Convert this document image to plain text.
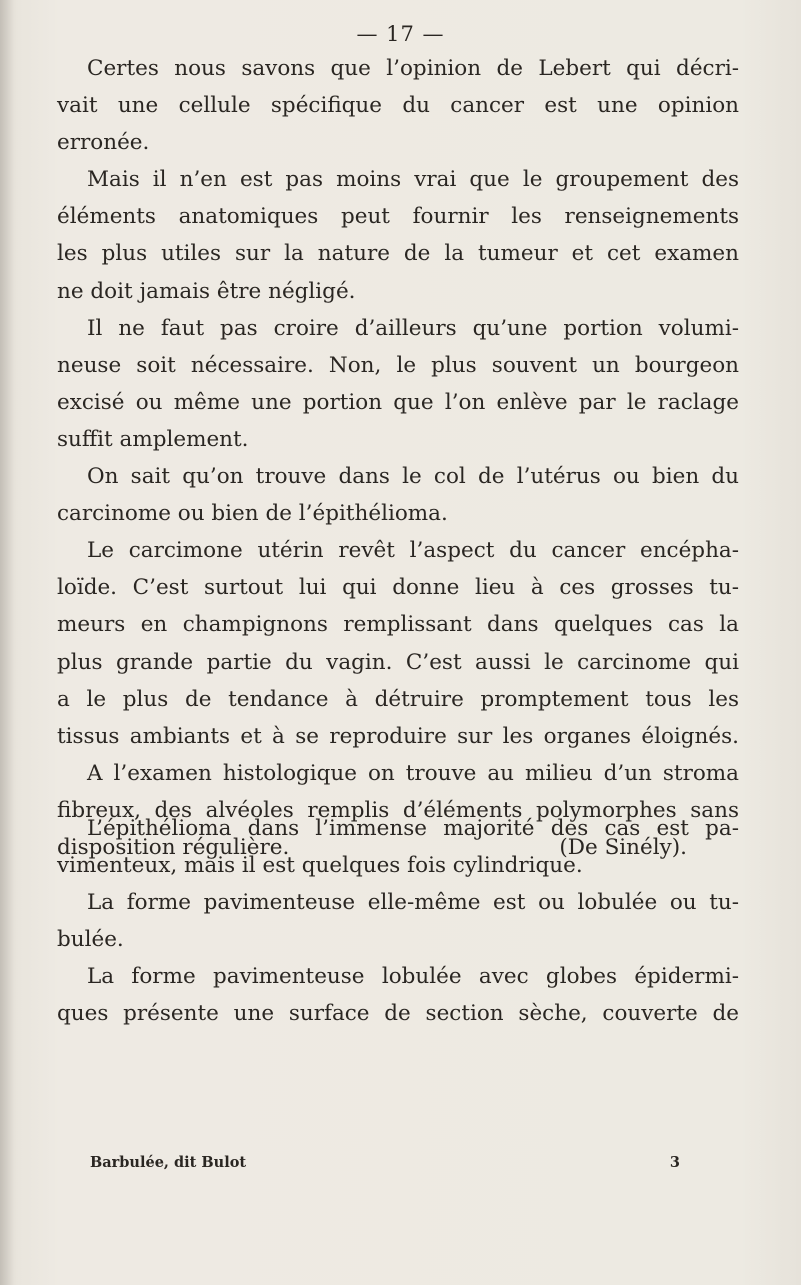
— 17 —
Certes nous savons que l’opinion de Lebert qui décri-
vait une cellule spécifique du cancer est une opinion
erronée.
Mais il n’en est pas moins vrai que le groupement des
éléments anatomiques peut fournir les renseignements
les plus utiles sur la nature de la tumeur et cet examen
ne doit jamais être négligé.
Il ne faut pas croire d’ailleurs qu’une portion volumi-
neuse soit nécessaire. Non, le plus souvent un bourgeon
excisé ou même une portion que l’on enlève par le raclage
suffit amplement.
On sait qu’on trouve dans le col de l’utérus ou bien du
carcinome ou bien de l’épithélioma.
Le carcimone utérin revêt l’aspect du cancer encépha-
loïde. C’est surtout lui qui donne lieu à ces grosses tu-
meurs en champignons remplissant dans quelques cas la
plus grande partie du vagin. C’est aussi le carcinome qui
a le plus de tendance à détruire promptement tous les
tissus ambiants et à se reproduire sur les organes éloignés.
A l’examen histologique on trouve au milieu d’un stroma
fibreux, des alvéoles remplis d’éléments polymorphes sans
disposition régulière.	(De Sinély).
L’épithélioma dans l’immense majorité des cas est pa-
vimenteux, mais il est quelques fois cylindrique.
La forme pavimenteuse elle-même est ou lobulée ou tu-
bulée.
La forme pavimenteuse lobulée avec globes épidermi-
ques présente une surface de section sèche, couverte de
Barbulée, dit Bulot	3
